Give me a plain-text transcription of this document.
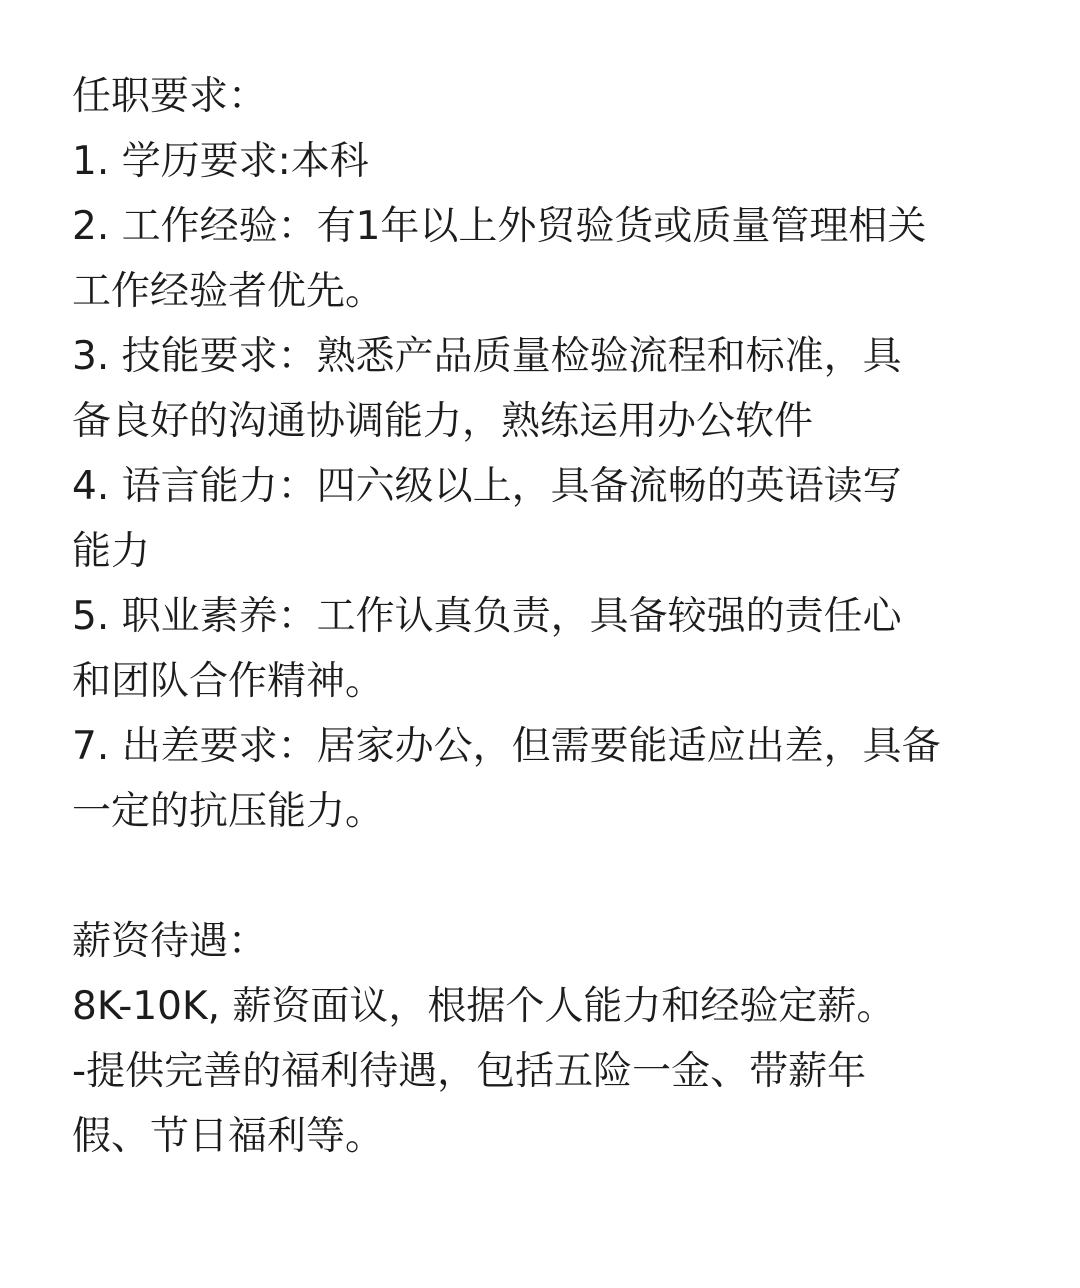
任职要求：
1. 学历要求:本科
2. 工作经验：有1年以上外贸验货或质量管理相关
工作经验者优先。
3. 技能要求：熟悉产品质量检验流程和标准，具
备良好的沟通协调能力，熟练运用办公软件
4. 语言能力：四六级以上，具备流畅的英语读写
能力
5. 职业素养：工作认真负责，具备较强的责任心
和团队合作精神。
7. 出差要求：居家办公，但需要能适应出差，具备
一定的抗压能力。
薪资待遇：
8K-10K, 薪资面议，根据个人能力和经验定薪。
-提供完善的福利待遇，包括五险一金、带薪年
假、节日福利等。
